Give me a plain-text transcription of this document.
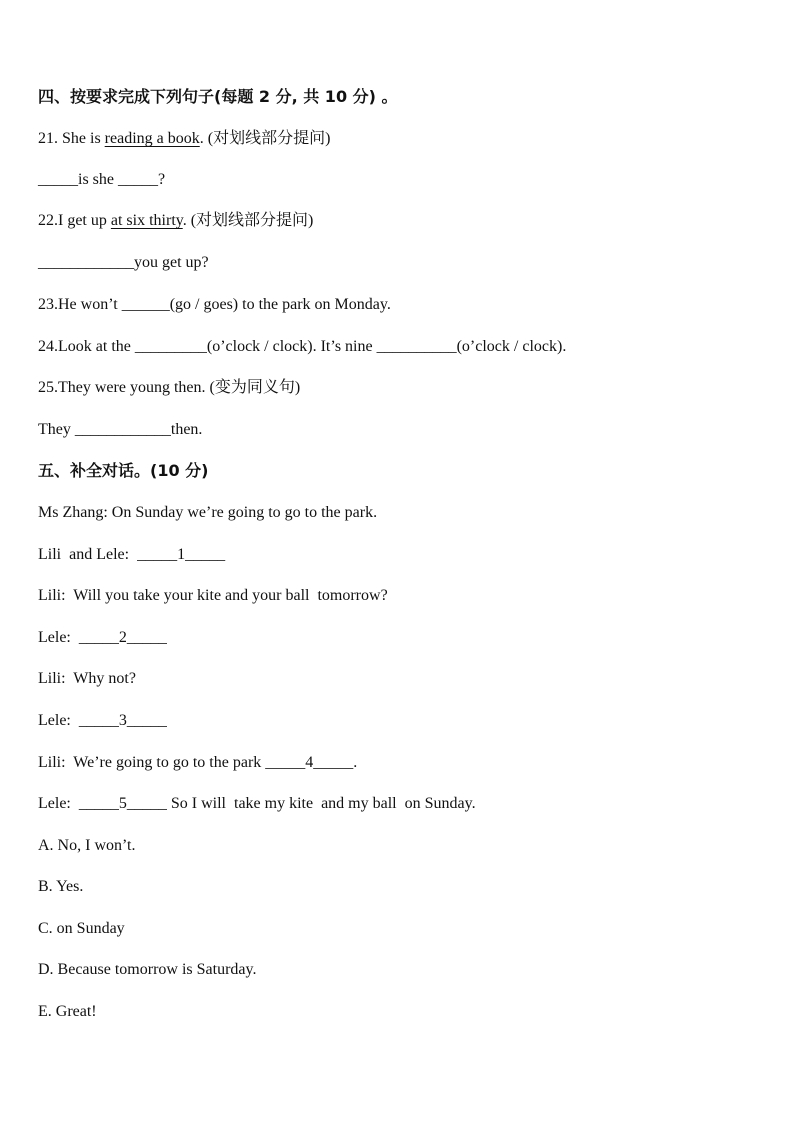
四、按要求完成下列句子(每题 2 分, 共 10 分) 。
21. She is reading a book. (对划线部分提问)
_____is she _____?
22.I get up at six thirty. (对划线部分提问)
____________you get up?
23.He won’t ______(go / goes) to the park on Monday.
24.Look at the _________(o’clock / clock). It’s nine __________(o’clock / clock).
25.They were young then. (变为同义句)
They ____________then.
五、补全对话。(10 分)
Ms Zhang: On Sunday we’re going to go to the park.
Lili  and Lele: _____1_____
Lili:  Will you take your kite and your ball  tomorrow?
Lele: _____2_____
Lili:  Why not?
Lele: _____3_____
Lili:  We’re going to go to the park _____4_____.
Lele: _____5_____ So I will  take my kite  and my ball  on Sunday.
A. No, I won’t.
B. Yes.
C. on Sunday
D. Because tomorrow is Saturday.
E. Great!
